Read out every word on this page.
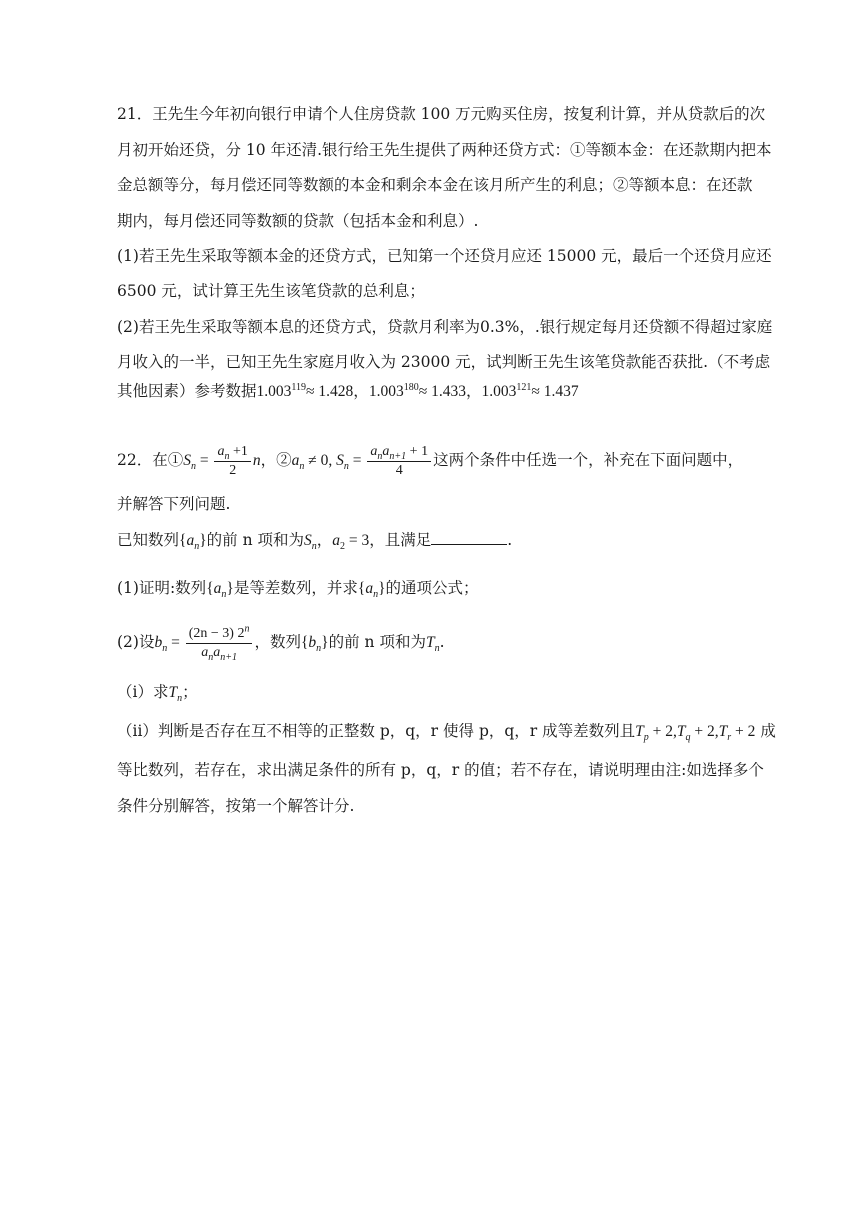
21．王先生今年初向银行申请个人住房贷款 100 万元购买住房，按复利计算，并从贷款后的次
月初开始还贷，分 10 年还清.银行给王先生提供了两种还贷方式：①等额本金：在还款期内把本
金总额等分，每月偿还同等数额的本金和剩余本金在该月所产生的利息；②等额本息：在还款
期内，每月偿还同等数额的贷款（包括本金和利息）.
(1)若王先生采取等额本金的还贷方式，已知第一个还贷月应还 15000 元，最后一个还贷月应还
6500 元，试计算王先生该笔贷款的总利息；
(2)若王先生采取等额本息的还贷方式，贷款月利率为0.3%，.银行规定每月还贷额不得超过家庭
月收入的一半，已知王先生家庭月收入为 23000 元，试判断王先生该笔贷款能否获批.（不考虑
其他因素）参考数据$1.003^{119}\approx 1.428$，$1.003^{180}\approx 1.433$，$1.003^{121}\approx 1.437$
22．在$①S_n = \frac{a_n +1}{2}$ n，$②a_n \ne 0$, $S_n = \frac{a_na_{n+1} + 1}{4}$ 这两个条件中任选一个，补充在下面问题中，
并解答下列问题.
已知数列$\{a_n\}$的前 n 项和为$S_n$，$a_2 = 3$，且满足	.
(1)证明:数列$\{a_n\}$是等差数列，并求$\{a_n\}$的通项公式；
(2)设$b_n = \frac{(2n - 3) 2^n}{a_na_{n+1}}$ ，数列$\{b_n\}$的前 n 项和为$T_n$.
（i）求$T_n$；
（ii）判断是否存在互不相等的正整数 p，q，r 使得 p，q，r 成等差数列且$T_p + 2,T_q + 2,T_r + 2$ 成
等比数列，若存在，求出满足条件的所有 p，q，r 的值；若不存在，请说明理由注:如选择多个
条件分别解答，按第一个解答计分.
